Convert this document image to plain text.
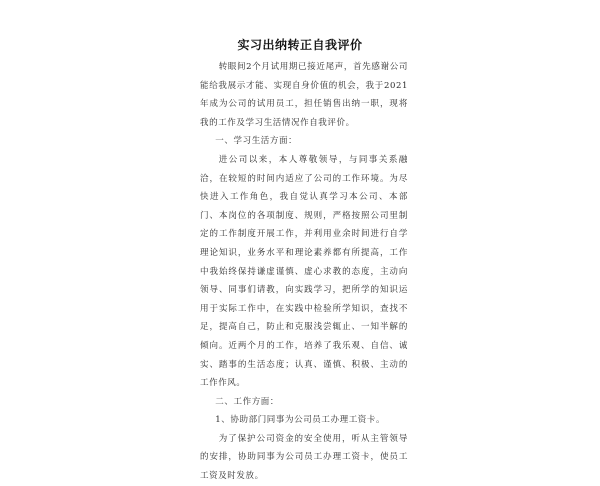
实习出纳转正自我评价

转眼间2个月试用期已接近尾声，首先感谢公司能给我展示才能、实现自身价值的机会，我于2021年成为公司的试用员工，担任销售出纳一职，现将我的工作及学习生活情况作自我评价。

一、学习生活方面：

进公司以来，本人尊敬领导，与同事关系融洽，在较短的时间内适应了公司的工作环境。为尽快进入工作角色，我自觉认真学习本公司、本部门、本岗位的各项制度、规则，严格按照公司里制定的工作制度开展工作，并利用业余时间进行自学理论知识，业务水平和理论素养都有所提高，工作中我始终保持谦虚谨慎、虚心求教的态度，主动向领导、同事们请教，向实践学习，把所学的知识运用于实际工作中，在实践中检验所学知识，查找不足，提高自己，防止和克服浅尝辄止、一知半解的倾向。近两个月的工作，培养了我乐观、自信、诚实、踏事的生活态度；认真、谨慎、积极、主动的工作作风。

二、工作方面：

1、协助部门同事为公司员工办理工资卡。

为了保护公司资金的安全使用，听从主管领导的安排，协助同事为公司员工办理工资卡，使员工工资及时发放。
